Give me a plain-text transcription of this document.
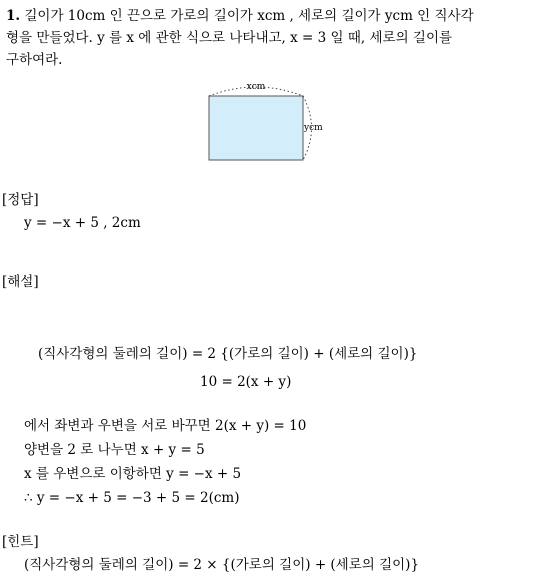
1. 길이가 10cm 인 끈으로 가로의 길이가 xcm , 세로의 길이가 ycm 인 직사각
형을 만들었다. y 를 x 에 관한 식으로 나타내고, x = 3 일 때, 세로의 길이를
구하여라.
xcm
ycm
[정답]
y = −x + 5 , 2cm
[해설]
(직사각형의 둘레의 길이) = 2 {(가로의 길이) + (세로의 길이)}
10 = 2(x + y)
에서 좌변과 우변을 서로 바꾸면 2(x + y) = 10
양변을 2 로 나누면 x + y = 5
x 를 우변으로 이항하면 y = −x + 5
∴ y = −x + 5 = −3 + 5 = 2(cm)
[힌트]
(직사각형의 둘레의 길이) = 2 × {(가로의 길이) + (세로의 길이)}
